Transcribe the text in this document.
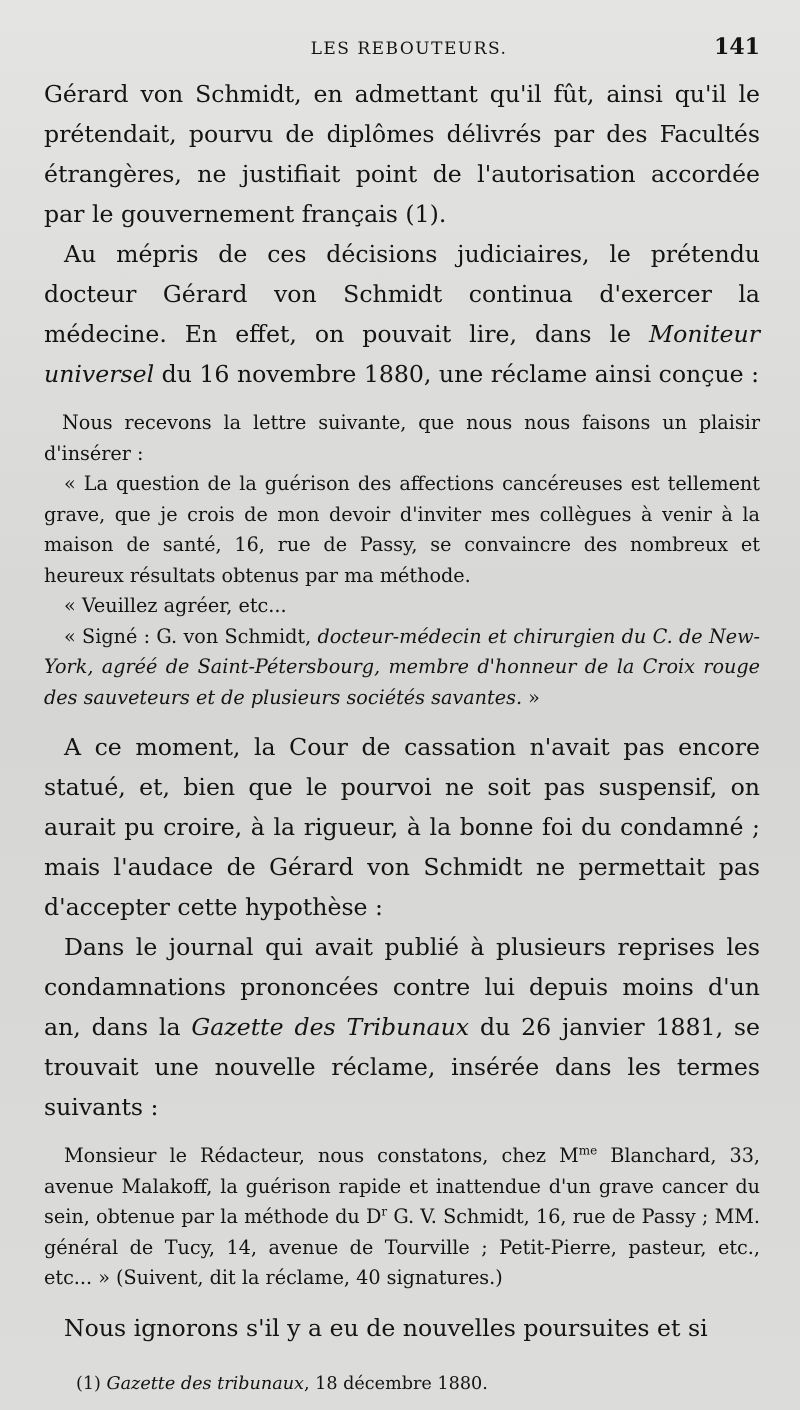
LES REBOUTEURS.	141

Gérard von Schmidt, en admettant qu'il fût, ainsi qu'il le prétendait, pourvu de diplômes délivrés par des Facultés étrangères, ne justifiait point de l'autorisation accordée par le gouvernement français (1).

Au mépris de ces décisions judiciaires, le prétendu docteur Gérard von Schmidt continua d'exercer la médecine. En effet, on pouvait lire, dans le Moniteur universel du 16 novembre 1880, une réclame ainsi conçue :

Nous recevons la lettre suivante, que nous nous faisons un plaisir d'insérer :

« La question de la guérison des affections cancéreuses est tellement grave, que je crois de mon devoir d'inviter mes collègues à venir à la maison de santé, 16, rue de Passy, se convaincre des nombreux et heureux résultats obtenus par ma méthode.

« Veuillez agréer, etc...

« Signé : G. von Schmidt, docteur-médecin et chirurgien du C. de New-York, agréé de Saint-Pétersbourg, membre d'honneur de la Croix rouge des sauveteurs et de plusieurs sociétés savantes. »

A ce moment, la Cour de cassation n'avait pas encore statué, et, bien que le pourvoi ne soit pas suspensif, on aurait pu croire, à la rigueur, à la bonne foi du condamné ; mais l'audace de Gérard von Schmidt ne permettait pas d'accepter cette hypothèse :

Dans le journal qui avait publié à plusieurs reprises les condamnations prononcées contre lui depuis moins d'un an, dans la Gazette des Tribunaux du 26 janvier 1881, se trouvait une nouvelle réclame, insérée dans les termes suivants :

Monsieur le Rédacteur, nous constatons, chez $M^{me}$ Blanchard, 33, avenue Malakoff, la guérison rapide et inattendue d'un grave cancer du sein, obtenue par la méthode du $D^r$ G. V. Schmidt, 16, rue de Passy ; MM. général de Tucy, 14, avenue de Tourville ; Petit-Pierre, pasteur, etc., etc... » (Suivent, dit la réclame, 40 signatures.)

Nous ignorons s'il y a eu de nouvelles poursuites et si

(1) Gazette des tribunaux, 18 décembre 1880.
